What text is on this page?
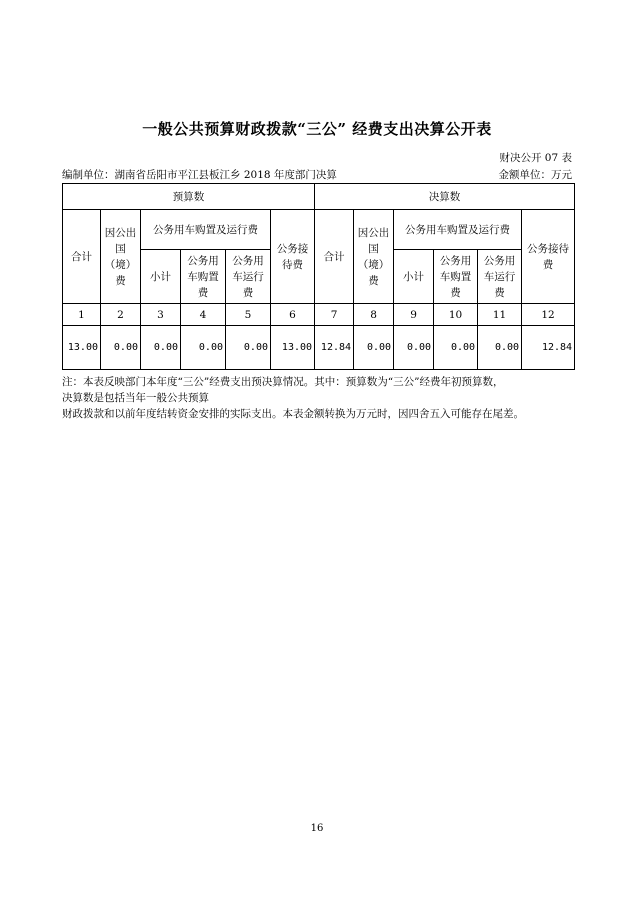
一般公共预算财政拨款“三公” 经费支出决算公开表
财决公开 07 表
编制单位：湖南省岳阳市平江县板江乡 2018 年度部门决算	金额单位：万元
预算数						决算数					
合计	因公出国（境）费	公务用车购置及运行费			公务接待费	合计	因公出国（境）费	公务用车购置及运行费			公务接待费
		小计	公务用车购置费	公务用车运行费				小计	公务用车购置费	公务用车运行费	
1	2	3	4	5	6	7	8	9	10	11	12
13.00	0.00	0.00	0.00	0.00	13.00	12.84	0.00	0.00	0.00	0.00	12.84
注：本表反映部门本年度“三公”经费支出预决算情况。其中：预算数为“三公”经费年初预算数，
决算数是包括当年一般公共预算
财政拨款和以前年度结转资金安排的实际支出。本表金额转换为万元时，因四舍五入可能存在尾差。
16
